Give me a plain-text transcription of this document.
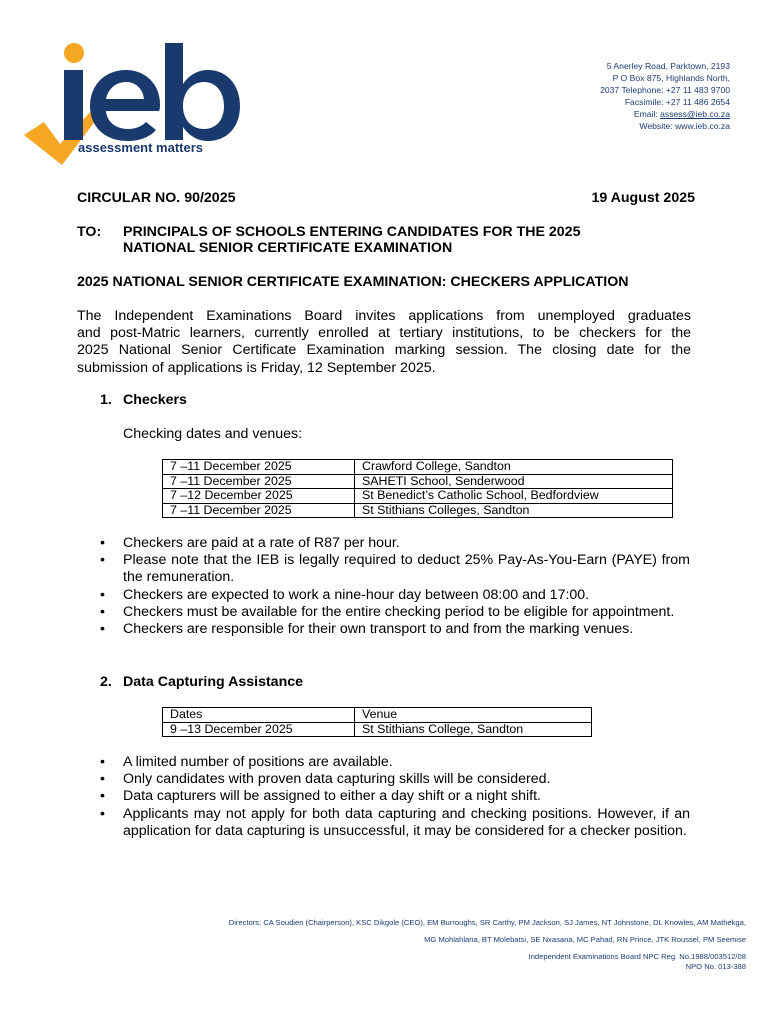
assessment matters
5 Anerley Road, Parktown, 2193
P O Box 875, Highlands North,
2037 Telephone: +27 11 483 9700
Facsimile: +27 11 486 2654
Email: assess@ieb.co.za
Website: www.ieb.co.za
CIRCULAR NO. 90/2025	19 August 2025
TO: PRINCIPALS OF SCHOOLS ENTERING CANDIDATES FOR THE 2025
NATIONAL SENIOR CERTIFICATE EXAMINATION
2025 NATIONAL SENIOR CERTIFICATE EXAMINATION: CHECKERS APPLICATION
The Independent Examinations Board invites applications from unemployed graduates
and post-Matric learners, currently enrolled at tertiary institutions, to be checkers for the
2025 National Senior Certificate Examination marking session. The closing date for the
submission of applications is Friday, 12 September 2025.
1. Checkers
Checking dates and venues:
7 –11 December 2025	Crawford College, Sandton
7 –11 December 2025	SAHETI School, Senderwood
7 –12 December 2025	St Benedict’s Catholic School, Bedfordview
7 –11 December 2025	St Stithians Colleges, Sandton
• Checkers are paid at a rate of R87 per hour.
• Please note that the IEB is legally required to deduct 25% Pay-As-You-Earn (PAYE) from the remuneration.
• Checkers are expected to work a nine-hour day between 08:00 and 17:00.
• Checkers must be available for the entire checking period to be eligible for appointment.
• Checkers are responsible for their own transport to and from the marking venues.
2. Data Capturing Assistance
Dates	Venue
9 –13 December 2025	St Stithians College, Sandton
• A limited number of positions are available.
• Only candidates with proven data capturing skills will be considered.
• Data capturers will be assigned to either a day shift or a night shift.
• Applicants may not apply for both data capturing and checking positions. However, if an application for data capturing is unsuccessful, it may be considered for a checker position.
Directors: CA Soudien (Chairperson), KSC Dikgole (CEO), EM Burroughs, SR Carthy, PM Jackson, SJ James, NT Johnstone, DL Knowles, AM Mathekga,
MG Mohlahlana, BT Molebatsi, SE Nxasana, MC Pahad, RN Prince, JTK Roussel, PM Seemise
Independent Examinations Board NPC Reg. No.1988/003512/08
NPO No. 013-388
